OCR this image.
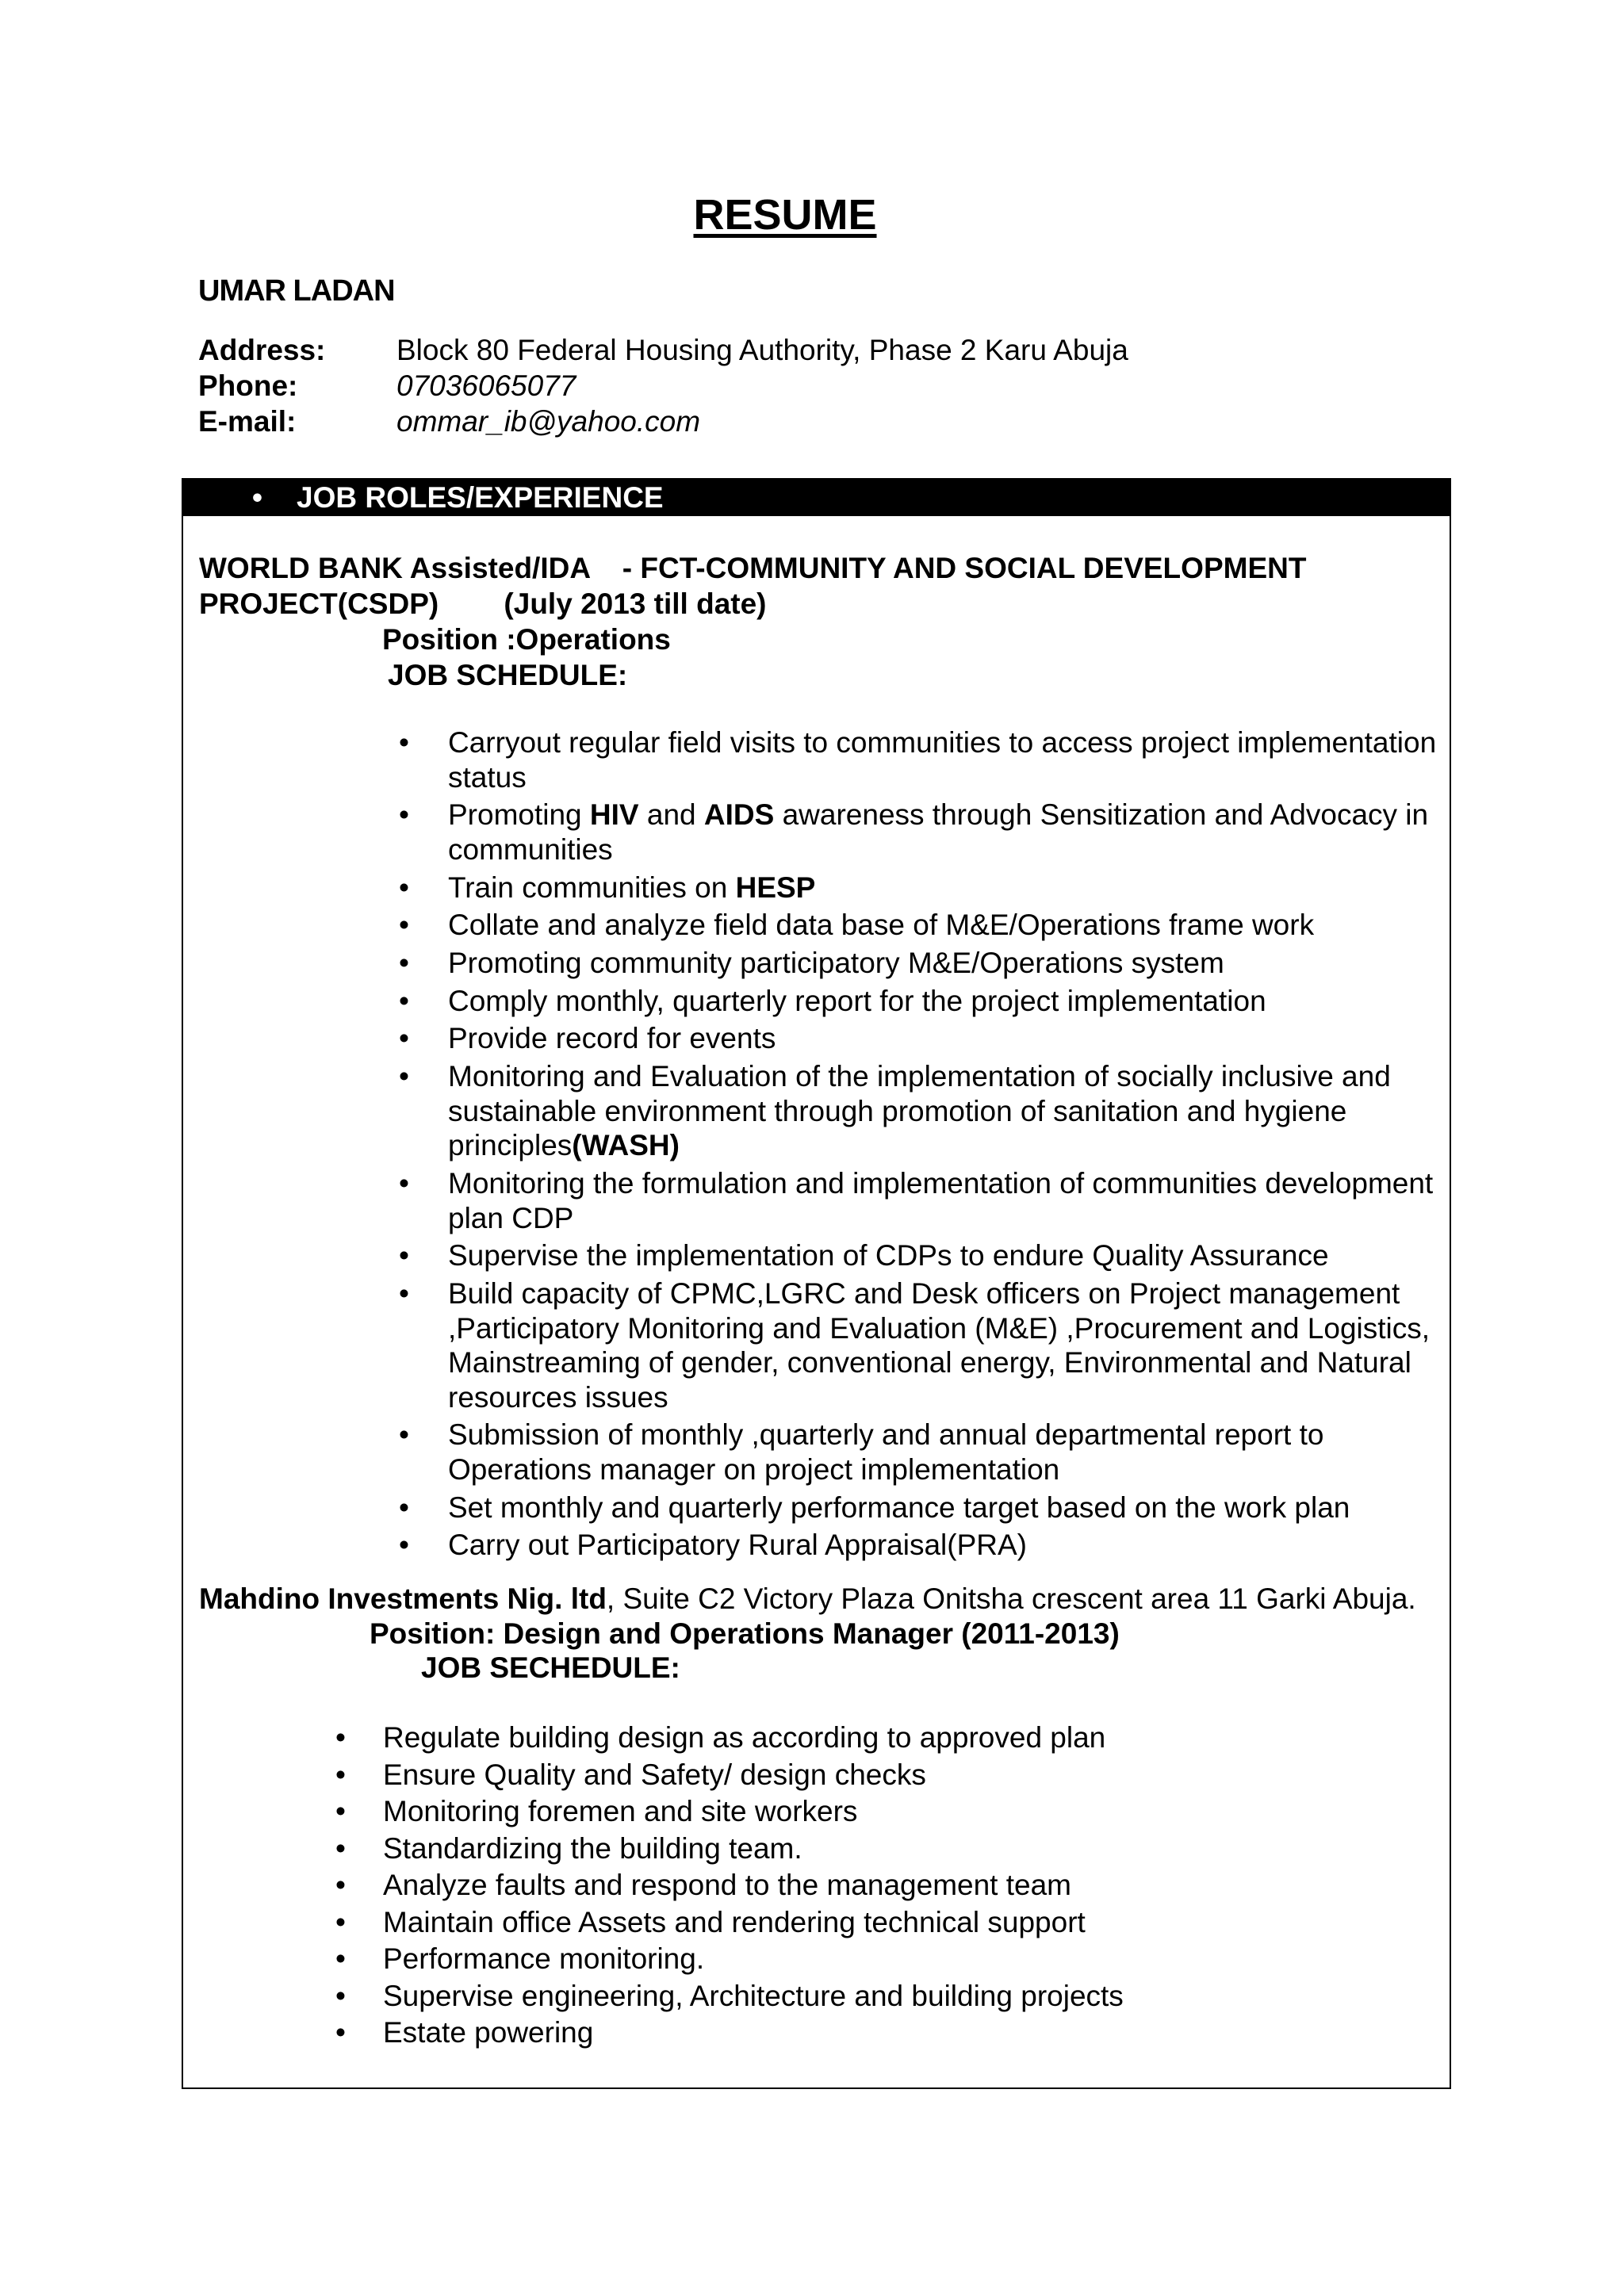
RESUME
UMAR LADAN
Address:	Block 80 Federal Housing Authority, Phase 2 Karu Abuja
Phone:	07036065077
E-mail:	ommar_ib@yahoo.com
•	JOB ROLES/EXPERIENCE
WORLD BANK Assisted/IDA    - FCT-COMMUNITY AND SOCIAL DEVELOPMENT
PROJECT(CSDP)        (July 2013 till date)
Position :Operations
JOB SCHEDULE:
• Carryout regular field visits to communities to access project implementation status
• Promoting HIV and AIDS awareness through Sensitization and Advocacy in communities
• Train communities on HESP
• Collate and analyze field data base of M&E/Operations frame work
• Promoting community participatory M&E/Operations system
• Comply monthly, quarterly report for the project implementation
• Provide record for events
• Monitoring and Evaluation of the implementation of socially inclusive and sustainable environment through promotion of sanitation and hygiene principles(WASH)
• Monitoring the formulation and implementation of communities development plan CDP
• Supervise the implementation of CDPs to endure Quality Assurance
• Build capacity of CPMC,LGRC and Desk officers on Project management ,Participatory Monitoring and Evaluation (M&E) ,Procurement and Logistics, Mainstreaming of gender, conventional energy, Environmental and Natural resources issues
• Submission of monthly ,quarterly and annual departmental report to Operations manager on project implementation
• Set monthly and quarterly performance target based on the work plan
• Carry out Participatory Rural Appraisal(PRA)
Mahdino Investments Nig. ltd, Suite C2 Victory Plaza Onitsha crescent area 11 Garki Abuja.
Position: Design and Operations Manager (2011-2013)
JOB SECHEDULE:
• Regulate building design as according to approved plan
• Ensure Quality and Safety/ design checks
• Monitoring foremen and site workers
• Standardizing the building team.
• Analyze faults and respond to the management team
• Maintain office Assets and rendering technical support
• Performance monitoring.
• Supervise engineering, Architecture and building projects
• Estate powering
